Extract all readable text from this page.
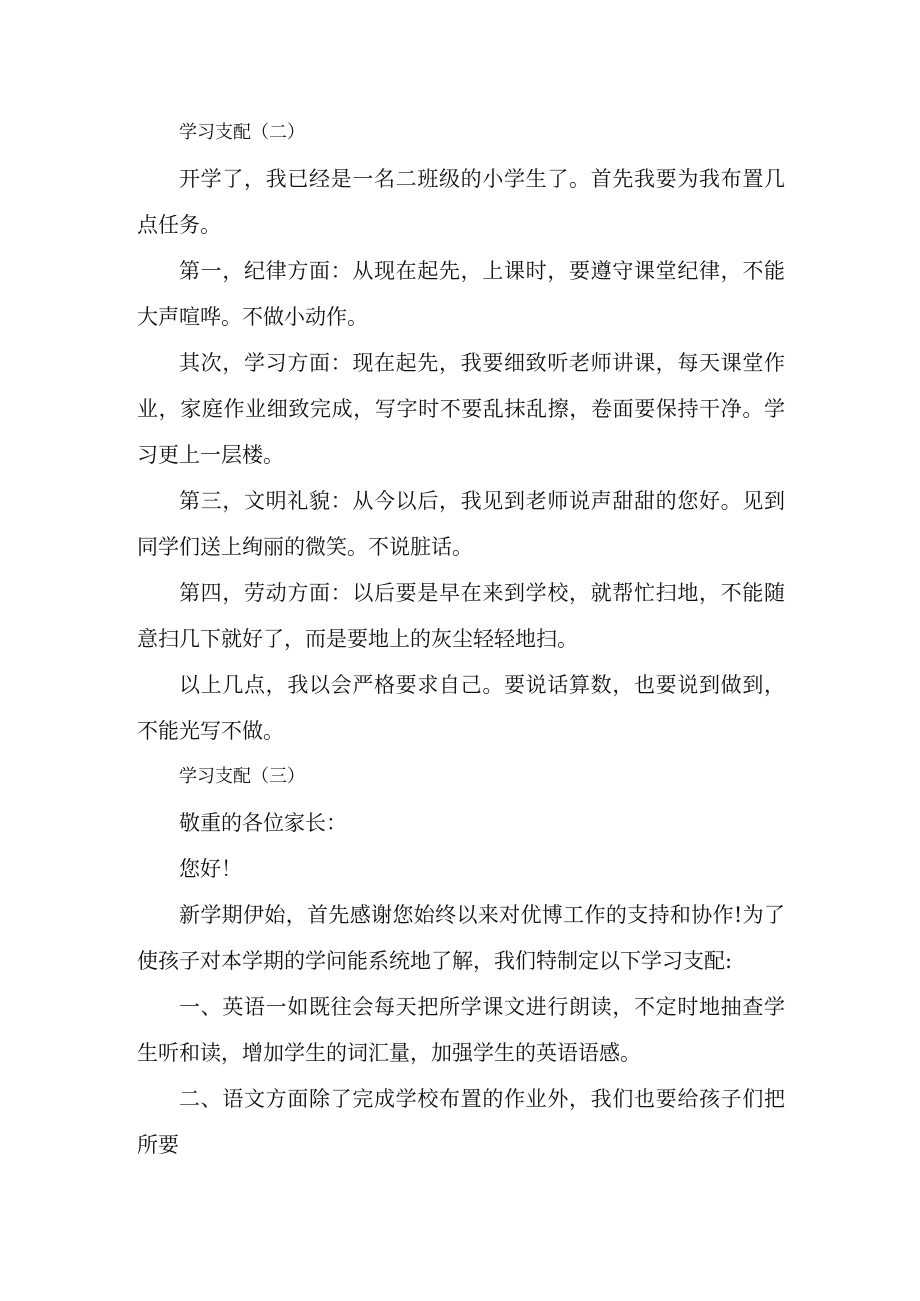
学习支配（二）

开学了，我已经是一名二班级的小学生了。首先我要为我布置几点任务。

第一，纪律方面：从现在起先，上课时，要遵守课堂纪律，不能大声喧哗。不做小动作。

其次，学习方面：现在起先，我要细致听老师讲课，每天课堂作业，家庭作业细致完成，写字时不要乱抹乱擦，卷面要保持干净。学习更上一层楼。

第三，文明礼貌：从今以后，我见到老师说声甜甜的您好。见到同学们送上绚丽的微笑。不说脏话。

第四，劳动方面：以后要是早在来到学校，就帮忙扫地，不能随意扫几下就好了，而是要地上的灰尘轻轻地扫。

以上几点，我以会严格要求自己。要说话算数，也要说到做到，不能光写不做。

学习支配（三）

敬重的各位家长：

您好！

新学期伊始，首先感谢您始终以来对优博工作的支持和协作!为了使孩子对本学期的学问能系统地了解，我们特制定以下学习支配:

一、英语一如既往会每天把所学课文进行朗读，不定时地抽查学生听和读，增加学生的词汇量，加强学生的英语语感。

二、语文方面除了完成学校布置的作业外，我们也要给孩子们把所要
